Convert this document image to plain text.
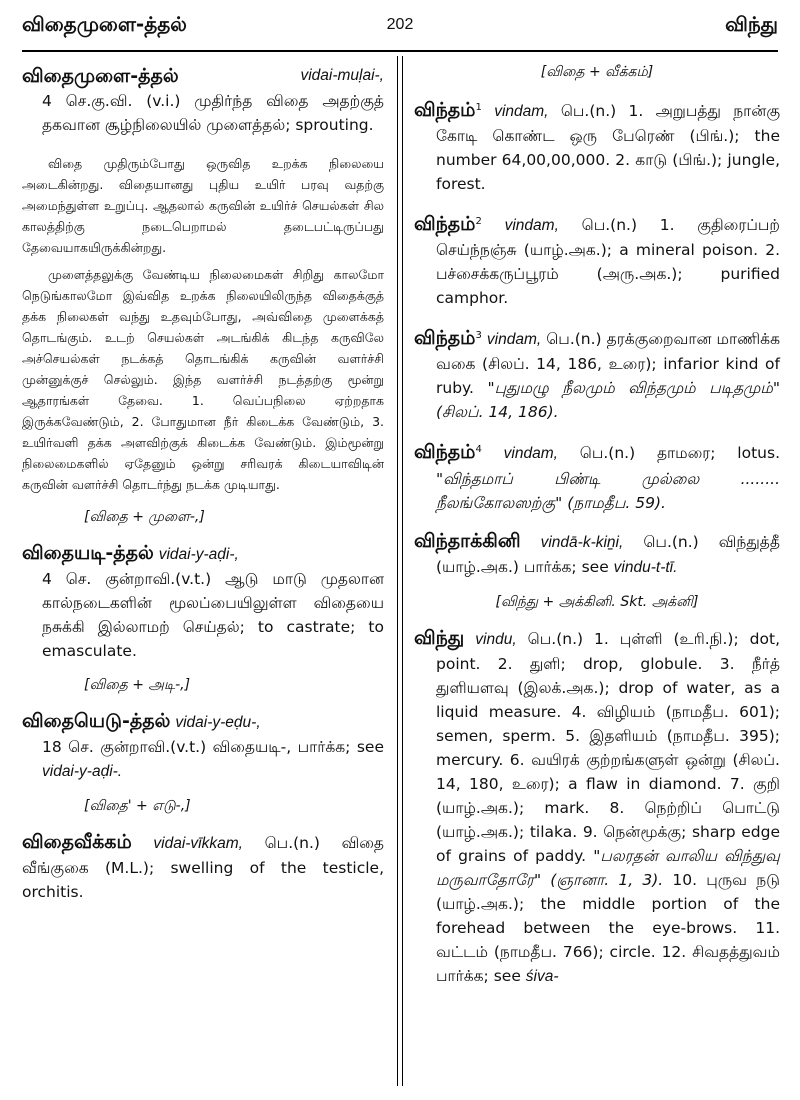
விதைமுளை-த்தல்	202	விந்து

விதைமுளை-த்தல்	vidai-muḷai-,

4 செ.கு.வி. (v.i.) முதிர்ந்த விதை அதற்குத் தகவான சூழ்நிலையில் முளைத்தல்; sprouting.

விதை முதிரும்போது ஒருவித உறக்க நிலையை அடைகின்றது. விதையானது புதிய உயிர் பரவு வதற்கு அமைந்துள்ள உறுப்பு. ஆதலால் கருவின் உயிர்ச் செயல்கள் சில காலத்திற்கு நடைபெறாமல் தடைபட்டிருப்பது தேவையாகயிருக்கின்றது.

முளைத்தலுக்கு வேண்டிய நிலைமைகள் சிறிது காலமோ நெடுங்காலமோ இவ்வித உறக்க நிலையிலிருந்த விதைக்குத் தக்க நிலைகள் வந்து உதவும்போது, அவ்விதை முளைக்கத் தொடங்கும். உடற் செயல்கள் அடங்கிக் கிடந்த கருவிலே அச்செயல்கள் நடக்கத் தொடங்கிக் கருவின் வளர்ச்சி முன்னுக்குச் செல்லும். இந்த வளர்ச்சி நடத்தற்கு மூன்று ஆதாரங்கள் தேவை. 1. வெப்பநிலை ஏற்றதாக இருக்கவேண்டும், 2. போதுமான நீர் கிடைக்க வேண்டும், 3. உயிர்வளி தக்க அளவிற்குக் கிடைக்க வேண்டும். இம்மூன்று நிலைமைகளில் ஏதேனும் ஒன்று சரிவரக் கிடையாவிடின் கருவின் வளர்ச்சி தொடர்ந்து நடக்க முடியாது.

[விதை + முளை-,]

விதையடி-த்தல் vidai-y-aḍi-,

4 செ. குன்றாவி.(v.t.) ஆடு மாடு முதலான கால்நடைகளின் மூலப்பையிலுள்ள விதையை நசுக்கி இல்லாமற் செய்தல்; to castrate; to emasculate.

[விதை + அடி-,]

விதையெடு-த்தல் vidai-y-eḍu-,

18 செ. குன்றாவி.(v.t.) விதையடி-, பார்க்க; see vidai-y-aḍi-.

[விதை' + எடு-,]

விதைவீக்கம் vidai-vīkkam, பெ.(n.) விதை வீங்குகை (M.L.); swelling of the testicle, orchitis.

[விதை + வீக்கம்]
விந்தம்$^1$ vindam, பெ.(n.) 1. அறுபத்து நான்கு கோடி கொண்ட ஒரு பேரெண் (பிங்.); the number 64,00,00,000. 2. காடு (பிங்.); jungle, forest.
விந்தம்$^2$ vindam, பெ.(n.) 1. குதிரைப்பற் செய்ந்நஞ்சு (யாழ்.அக.); a mineral poison. 2. பச்சைக்கருப்பூரம் (அரு.அக.); purified camphor.
விந்தம்$^3$ vindam, பெ.(n.) தரக்குறைவான மாணிக்க வகை (சிலப். 14, 186, உரை); infarior kind of ruby. "புதுமழு நீலமும் விந்தமும் படிதமும்" (சிலப். 14, 186).
விந்தம்$^4$ vindam, பெ.(n.) தாமரை; lotus. "விந்தமாப் பிண்டி முல்லை ........ நீலங்கோலஸற்கு" (நாமதீப. 59).
விந்தாக்கினி vindā-k-kiṉi, பெ.(n.) விந்துத்தீ (யாழ்.அக.) பார்க்க; see vindu-t-tī.
[விந்து + அக்கினி. Skt. அக்னி]
விந்து vindu, பெ.(n.) 1. புள்ளி (உரி.நி.); dot, point. 2. துளி; drop, globule. 3. நீர்த் துளியளவு (இலக்.அக.); drop of water, as a liquid measure. 4. விழியம் (நாமதீப. 601); semen, sperm. 5. இதளியம் (நாமதீப. 395); mercury. 6. வயிரக் குற்றங்களுள் ஒன்று (சிலப். 14, 180, உரை); a flaw in diamond. 7. குறி (யாழ்.அக.); mark. 8. நெற்றிப் பொட்டு (யாழ்.அக.); tilaka. 9. நென்மூக்கு; sharp edge of grains of paddy. "பலரதன் வாலிய விந்துவு மருவாதோரே" (ஞானா. 1, 3). 10. புருவ நடு (யாழ்.அக.); the middle portion of the forehead between the eye-brows. 11. வட்டம் (நாமதீப. 766); circle. 12. சிவதத்துவம் பார்க்க; see śiva-
